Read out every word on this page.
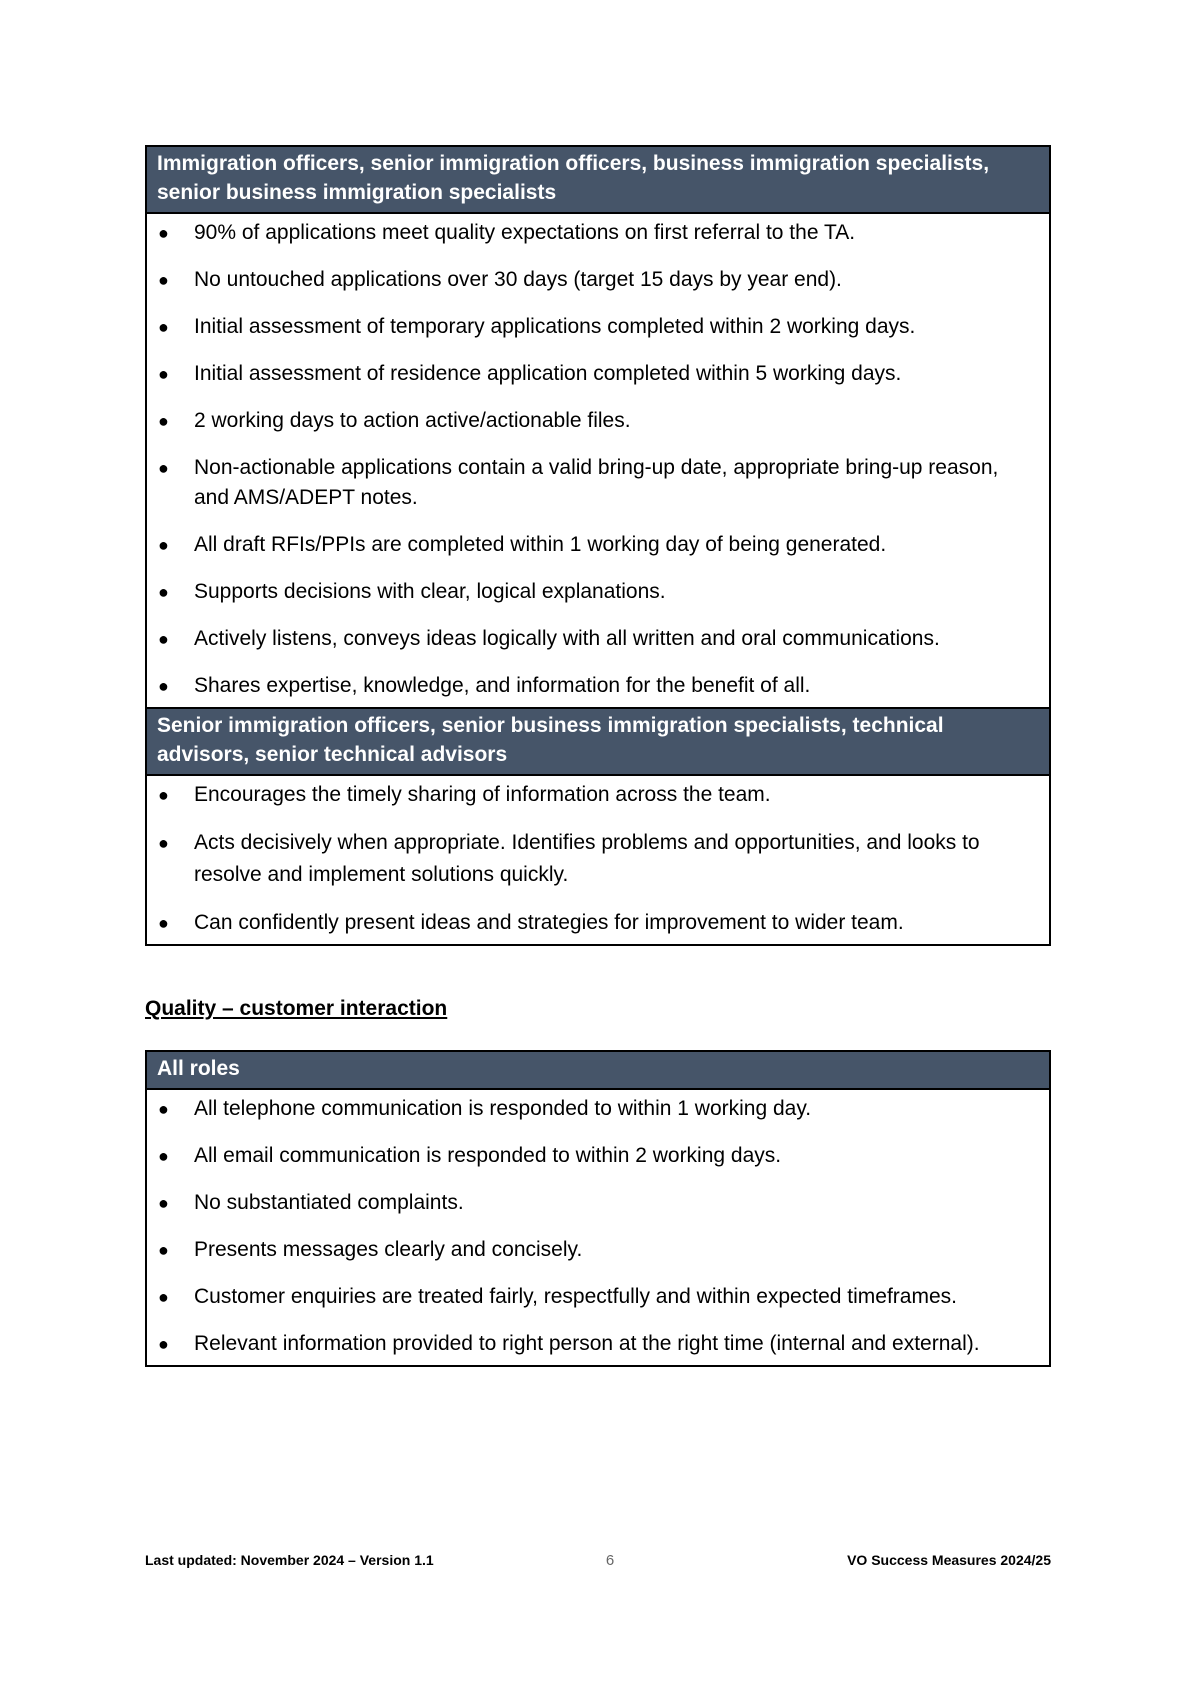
Immigration officers, senior immigration officers, business immigration specialists, senior business immigration specialists
● 90% of applications meet quality expectations on first referral to the TA.
● No untouched applications over 30 days (target 15 days by year end).
● Initial assessment of temporary applications completed within 2 working days.
● Initial assessment of residence application completed within 5 working days.
● 2 working days to action active/actionable files.
● Non-actionable applications contain a valid bring-up date, appropriate bring-up reason, and AMS/ADEPT notes.
● All draft RFIs/PPIs are completed within 1 working day of being generated.
● Supports decisions with clear, logical explanations.
● Actively listens, conveys ideas logically with all written and oral communications.
● Shares expertise, knowledge, and information for the benefit of all.
Senior immigration officers, senior business immigration specialists, technical advisors, senior technical advisors
● Encourages the timely sharing of information across the team.
● Acts decisively when appropriate. Identifies problems and opportunities, and looks to resolve and implement solutions quickly.
● Can confidently present ideas and strategies for improvement to wider team.
Quality – customer interaction
All roles
● All telephone communication is responded to within 1 working day.
● All email communication is responded to within 2 working days.
● No substantiated complaints.
● Presents messages clearly and concisely.
● Customer enquiries are treated fairly, respectfully and within expected timeframes.
● Relevant information provided to right person at the right time (internal and external).
Last updated: November 2024 – Version 1.1	6	VO Success Measures 2024/25
